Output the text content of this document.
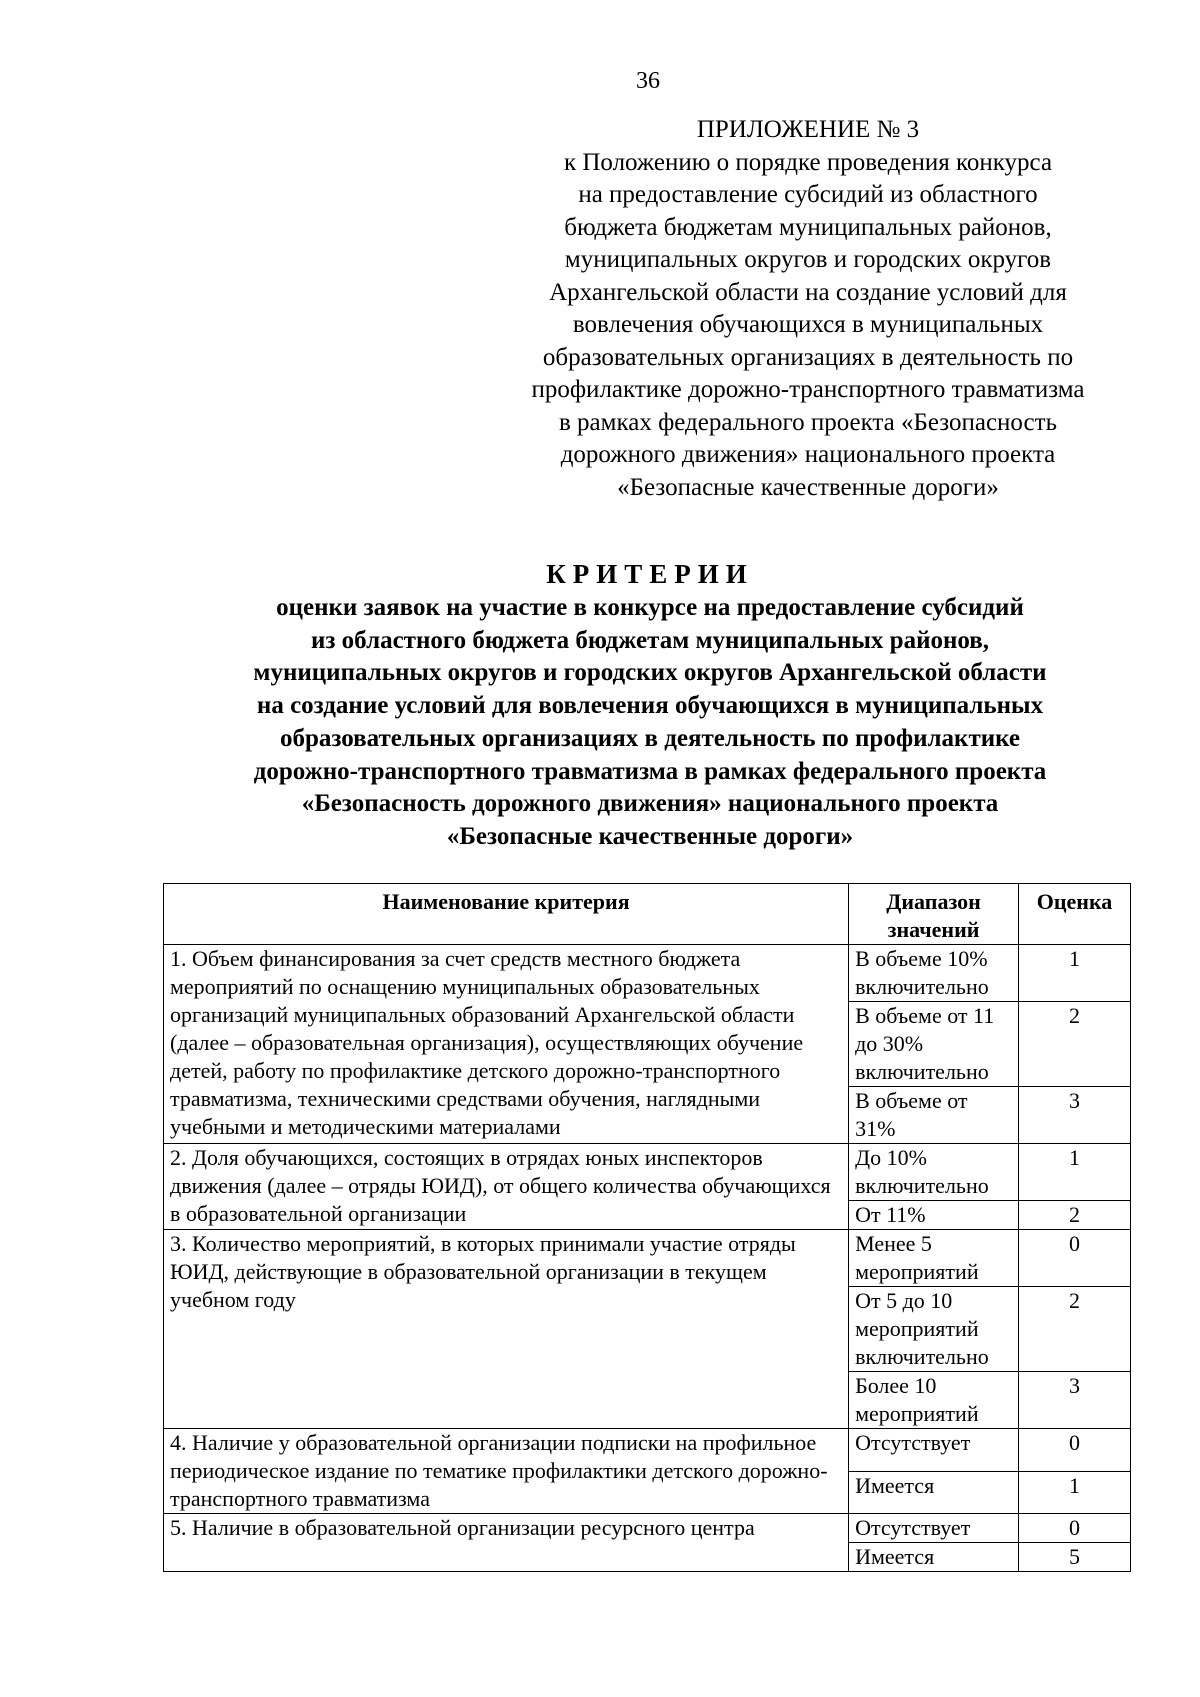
36
ПРИЛОЖЕНИЕ № 3
к Положению о порядке проведения конкурса
на предоставление субсидий из областного
бюджета бюджетам муниципальных районов,
муниципальных округов и городских округов
Архангельской области на создание условий для
вовлечения обучающихся в муниципальных
образовательных организациях в деятельность по
профилактике дорожно-транспортного травматизма
в рамках федерального проекта «Безопасность
дорожного движения» национального проекта
«Безопасные качественные дороги»
КРИТЕРИИ
оценки заявок на участие в конкурсе на предоставление субсидий
из областного бюджета бюджетам муниципальных районов,
муниципальных округов и городских округов Архангельской области
на создание условий для вовлечения обучающихся в муниципальных
образовательных организациях в деятельность по профилактике
дорожно-транспортного травматизма в рамках федерального проекта
«Безопасность дорожного движения» национального проекта
«Безопасные качественные дороги»
Наименование критерия	Диапазон значений	Оценка
1. Объем финансирования за счет средств местного бюджета мероприятий по оснащению муниципальных образовательных организаций муниципальных образований Архангельской области (далее – образовательная организация), осуществляющих обучение детей, работу по профилактике детского дорожно-транспортного травматизма, техническими средствами обучения, наглядными учебными и методическими материалами	В объеме 10% включительно	1
	В объеме от 11 до 30% включительно	2
	В объеме от 31%	3
2. Доля обучающихся, состоящих в отрядах юных инспекторов движения (далее – отряды ЮИД), от общего количества обучающихся в образовательной организации	До 10% включительно	1
	От 11%	2
3. Количество мероприятий, в которых принимали участие отряды ЮИД, действующие в образовательной организации в текущем учебном году	Менее 5 мероприятий	0
	От 5 до 10 мероприятий включительно	2
	Более 10 мероприятий	3
4. Наличие у образовательной организации подписки на профильное периодическое издание по тематике профилактики детского дорожно-транспортного травматизма	Отсутствует	0
	Имеется	1
5. Наличие в образовательной организации ресурсного центра	Отсутствует	0
	Имеется	5
